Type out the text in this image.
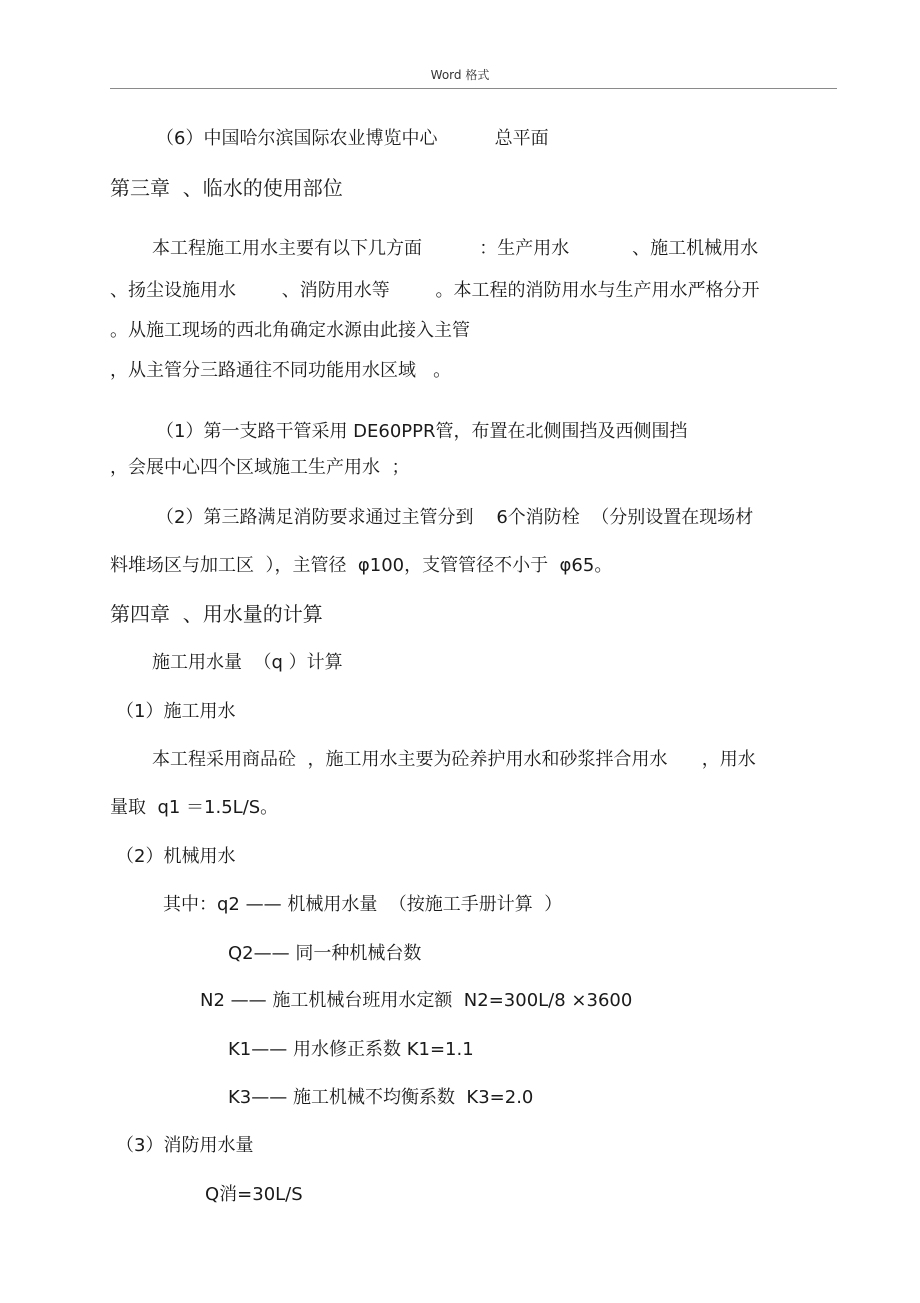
Word 格式
（6）中国哈尔滨国际农业博览中心          总平面
第三章  、临水的使用部位
本工程施工用水主要有以下几方面          ：生产用水           、施工机械用水
、扬尘设施用水        、消防用水等        。本工程的消防用水与生产用水严格分开
。从施工现场的西北角确定水源由此接入主管
，从主管分三路通往不同功能用水区域   。
（1）第一支路干管采用 DE60PPR管，布置在北侧围挡及西侧围挡
，会展中心四个区域施工生产用水  ；
（2）第三路满足消防要求通过主管分到    6个消防栓  （分别设置在现场材
料堆场区与加工区  ），主管径  φ100，支管管径不小于  φ65。
第四章  、用水量的计算
施工用水量  （q ）计算
（1）施工用水
本工程采用商品砼  ，施工用水主要为砼养护用水和砂浆拌合用水      ，用水
量取  q1 ＝1.5L/S。
（2）机械用水
其中：q2 —— 机械用水量  （按施工手册计算  ）
Q2—— 同一种机械台数
N2 —— 施工机械台班用水定额  N2=300L/8 ×3600
K1—— 用水修正系数 K1=1.1
K3—— 施工机械不均衡系数  K3=2.0
（3）消防用水量
Q消=30L/S
